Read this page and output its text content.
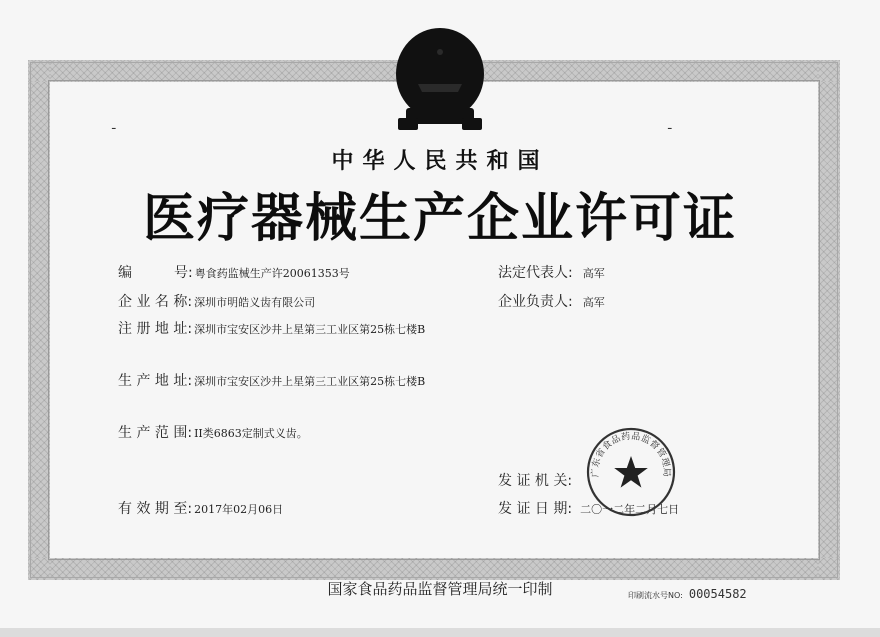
ـ	ـ
中华人民共和国
医疗器械生产企业许可证
编　　　号: 粤食药监械生产许20061353号
企 业 名 称: 深圳市明皓义齿有限公司
注 册 地 址: 深圳市宝安区沙井上星第三工业区第25栋七楼B
生 产 地 址: 深圳市宝安区沙井上星第三工业区第25栋七楼B
生 产 范 围: II类6863定制式义齿。
有 效 期 至: 2017年02月06日
法定代表人: 高军
企业负责人: 高军
发 证 机 关:
发 证 日 期: 二〇一二年二月七日
广东省食品药品监督管理局
国家食品药品监督管理局统一印制	印刷流水号NO: 00054582
